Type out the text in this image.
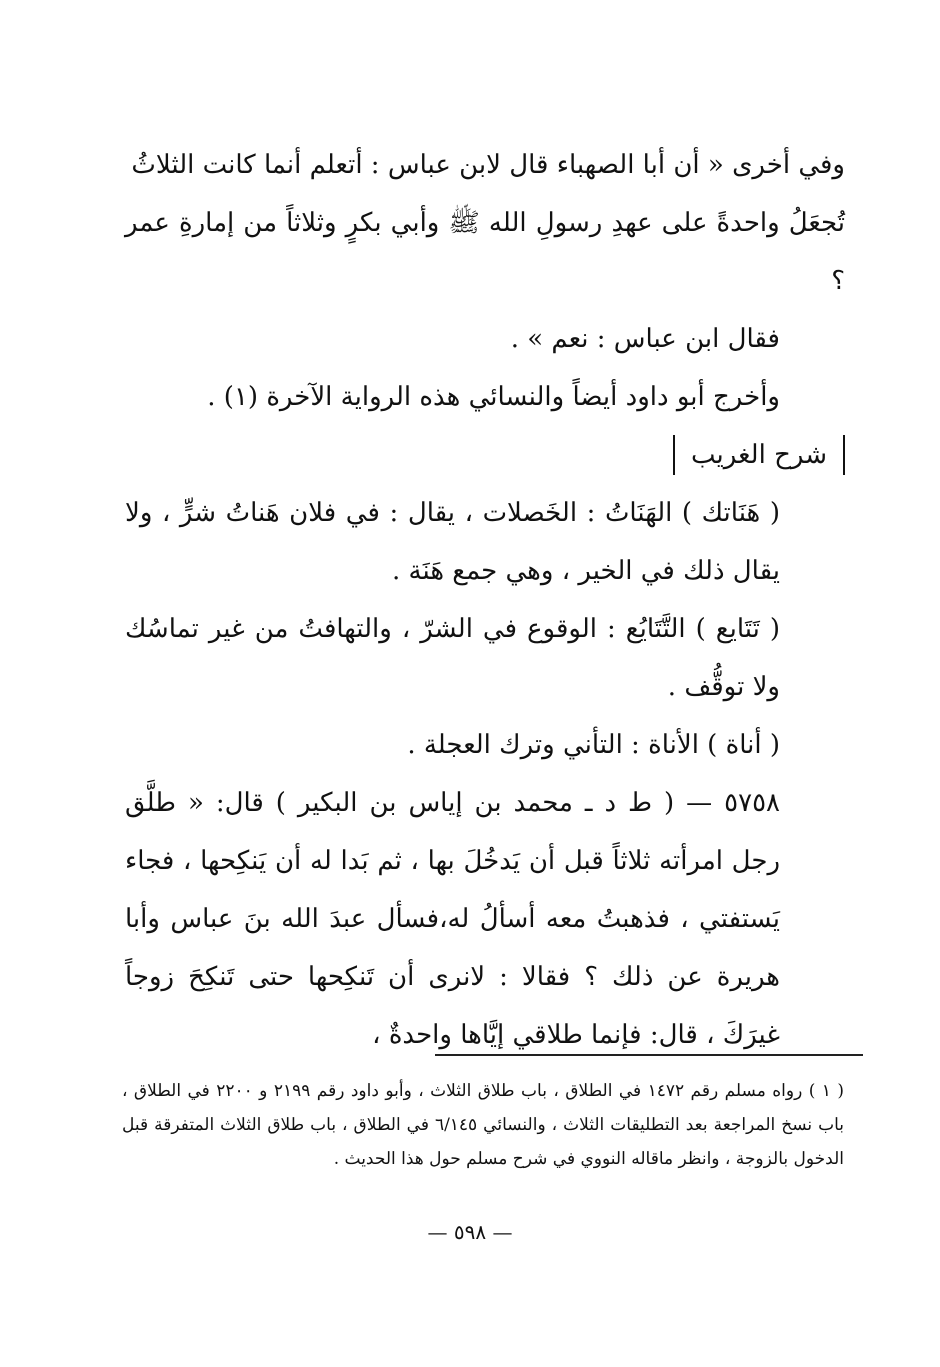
وفي أخرى « أن أبا الصهباء قال لابن عباس : أتعلم أنما كانت الثلاثُ

تُجعَلُ واحدةً على عهدِ رسولِ الله ﷺ وأبي بكرٍ وثلاثاً من إمارةِ عمر ؟

فقال ابن عباس : نعم » .

وأخرج أبو داود أيضاً والنسائي هذه الرواية الآخرة (١) .

شرح الغريب

( هَنَاتك ) الهَنَاتُ : الخَصلات ، يقال : في فلان هَناتُ شرٍّ ، ولا يقال ذلك في الخير ، وهي جمع هَنَة .

( تَتَايع ) التَّتَايُع : الوقوع في الشرّ ، والتهافتُ من غير تماسُك ولا توقُّف .

( أناة ) الأناة : التأني وترك العجلة .

٥٧٥٨ — ( ط د ـ محمد بن إياس بن البكير ) قال: « طلَّق رجل امرأته ثلاثاً قبل أن يَدخُلَ بها ، ثم بَدا له أن يَنكِحها ، فجاء يَستفتي ، فذهبتُ معه أسألُ له،فسأل عبدَ الله بنَ عباس وأبا هريرة عن ذلك ؟ فقالا : لانرى أن تَنكِحها حتى تَنكِحَ زوجاً غيرَكَ ، قال: فإنما طلاقي إيَّاها واحدةٌ ،

( ١ ) رواه مسلم رقم ١٤٧٢ في الطلاق ، باب طلاق الثلاث ، وأبو داود رقم ٢١٩٩ و ٢٢٠٠ في الطلاق ، باب نسخ المراجعة بعد التطليقات الثلاث ، والنسائي ٦/١٤٥ في الطلاق ، باب طلاق الثلاث المتفرقة قبل الدخول بالزوجة ، وانظر ماقاله النووي في شرح مسلم حول هذا الحديث .

— ٥٩٨ —
